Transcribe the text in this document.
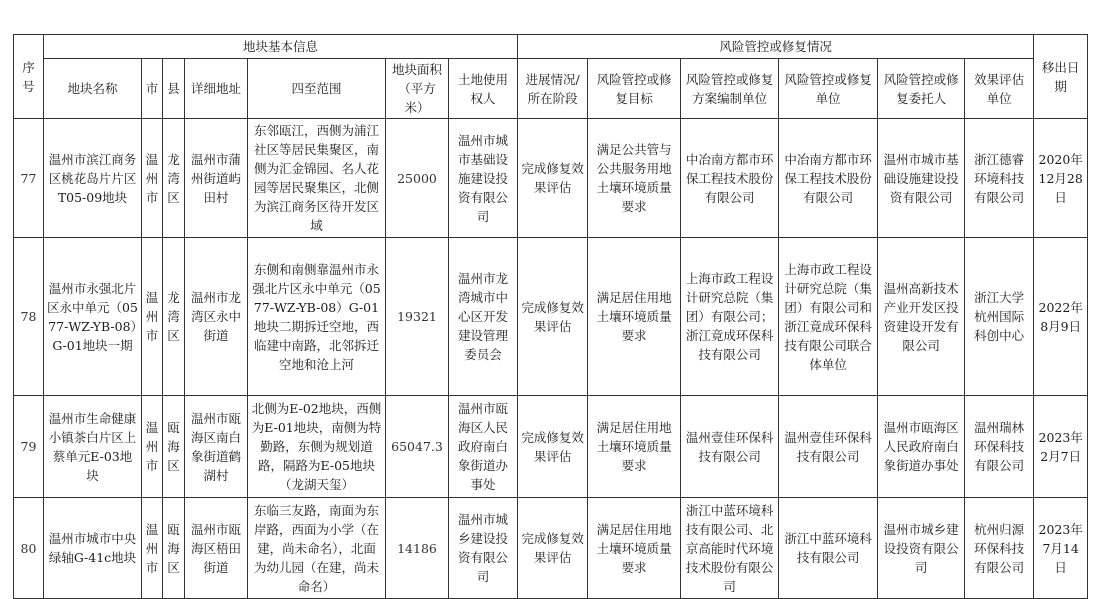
序号	地块基本信息							风险管控或修复情况						移出日期
	地块名称	市	县	详细地址	四至范围	地块面积（平方米）	土地使用权人	进展情况/所在阶段	风险管控或修复目标	风险管控或修复方案编制单位	风险管控或修复单位	风险管控或修复委托人	效果评估单位	
77	温州市滨江商务区桃花岛片片区T05-09地块	温州市	龙湾区	温州市蒲州街道屿田村	东邻瓯江，西侧为浦江社区等居民集聚区，南侧为汇金锦园、名人花园等居民聚集区，北侧为滨江商务区待开发区域	25000	温州市城市基础设施建设投资有限公司	完成修复效果评估	满足公共管与公共服务用地土壤环境质量要求	中冶南方都市环保工程技术股份有限公司	中冶南方都市环保工程技术股份有限公司	温州市城市基础设施建设投资有限公司	浙江德睿环境科技有限公司	2020年12月28日
78	温州市永强北片区永中单元（0577-WZ-YB-08）G-01地块一期	温州市	龙湾区	温州市龙湾区永中街道	东侧和南侧靠温州市永强北片区永中单元（0577-WZ-YB-08）G-01地块二期拆迁空地，西临建中南路，北邻拆迁空地和沧上河	19321	温州市龙湾城市中心区开发建设管理委员会	完成修复效果评估	满足居住用地土壤环境质量要求	上海市政工程设计研究总院（集团）有限公司；浙江竟成环保科技有限公司	上海市政工程设计研究总院（集团）有限公司和浙江竟成环保科技有限公司联合体单位	温州高新技术产业开发区投资建设开发有限公司	浙江大学杭州国际科创中心	2022年8月9日
79	温州市生命健康小镇茶白片区上蔡单元E-03地块	温州市	瓯海区	温州市瓯海区南白象街道鹤湖村	北侧为E-02地块，西侧为E-01地块，南侧为特勤路，东侧为规划道路，隔路为E-05地块（龙湖天玺）	65047.3	温州市瓯海区人民政府南白象街道办事处	完成修复效果评估	满足居住用地土壤环境质量要求	温州壹佳环保科技有限公司	温州壹佳环保科技有限公司	温州市瓯海区人民政府南白象街道办事处	温州瑞林环保科技有限公司	2023年2月7日
80	温州市城市中央绿轴G-41c地块	温州市	瓯海区	温州市瓯海区梧田街道	东临三友路，南面为东岸路，西面为小学（在建，尚未命名），北面为幼儿园（在建，尚未命名）	14186	温州市城乡建设投资有限公司	完成修复效果评估	满足居住用地土壤环境质量要求	浙江中蓝环境科技有限公司、北京高能时代环境技术股份有限公司	浙江中蓝环境科技有限公司	温州市城乡建设投资有限公司	杭州归源环保科技有限公司	2023年7月14日
